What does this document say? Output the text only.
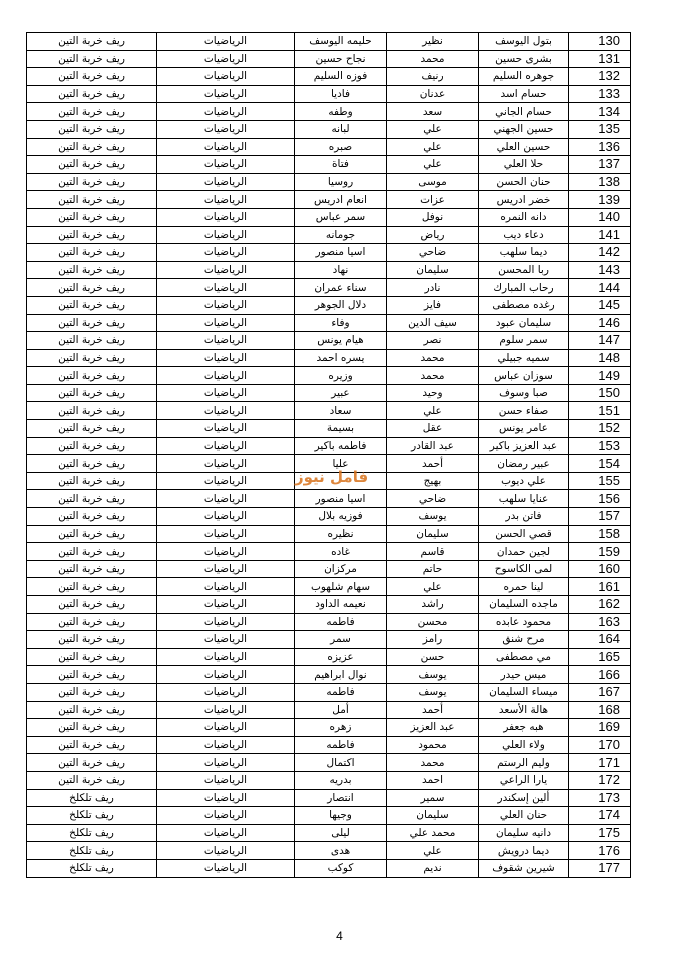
130	بتول اليوسف	نظير	حليمه اليوسف	الرياضيات	ريف خربة التين
131	بشرى حسين	محمد	نجاح حسين	الرياضيات	ريف خربة التين
132	جوهره السليم	رنيف	فوزه السليم	الرياضيات	ريف خربة التين
133	حسام اسد	عدنان	فاديا	الرياضيات	ريف خربة التين
134	حسام الجاني	سعد	وطفه	الرياضيات	ريف خربة التين
135	حسين الجهني	علي	لبانه	الرياضيات	ريف خربة التين
136	حسين العلي	علي	صبره	الرياضيات	ريف خربة التين
137	حلا العلي	علي	فتاة	الرياضيات	ريف خربة التين
138	حنان الحسن	موسى	روسيا	الرياضيات	ريف خربة التين
139	خضر ادريس	عزات	انعام ادريس	الرياضيات	ريف خربة التين
140	دانه النمره	نوفل	سمر عباس	الرياضيات	ريف خربة التين
141	دعاء ديب	رياض	جومانه	الرياضيات	ريف خربة التين
142	ديما سلهب	ضاحي	اسيا منصور	الرياضيات	ريف خربة التين
143	ربا المحسن	سليمان	نهاد	الرياضيات	ريف خربة التين
144	رحاب المبارك	نادر	سناء عمران	الرياضيات	ريف خربة التين
145	رغده مصطفى	فايز	دلال الجوهر	الرياضيات	ريف خربة التين
146	سليمان عبود	سيف الدين	وفاء	الرياضيات	ريف خربة التين
147	سمر سلوم	نصر	هيام يونس	الرياضيات	ريف خربة التين
148	سميه جبيلي	محمد	يسره احمد	الرياضيات	ريف خربة التين
149	سوزان عباس	محمد	وزيره	الرياضيات	ريف خربة التين
150	صبا وسوف	وحيد	عبير	الرياضيات	ريف خربة التين
151	صفاء حسن	علي	سعاد	الرياضيات	ريف خربة التين
152	عامر يونس	عقل	بسيمة	الرياضيات	ريف خربة التين
153	عبد العزيز باكير	عبد القادر	فاطمه باكير	الرياضيات	ريف خربة التين
154	عبير رمضان	أحمد	عليا	الرياضيات	ريف خربة التين
155	علي ديوب	بهيج		الرياضيات	ريف خربة التين
156	عنايا سلهب	ضاحي	اسيا منصور	الرياضيات	ريف خربة التين
157	فاتن بدر	يوسف	فوزيه بلال	الرياضيات	ريف خربة التين
158	قصي الحسن	سليمان	نظيره	الرياضيات	ريف خربة التين
159	لجين حمدان	قاسم	غاده	الرياضيات	ريف خربة التين
160	لمى الكاسوح	حاتم	مركزان	الرياضيات	ريف خربة التين
161	لينا حمره	علي	سهام شلهوب	الرياضيات	ريف خربة التين
162	ماجده السليمان	راشد	نعيمه الداود	الرياضيات	ريف خربة التين
163	محمود عابده	محسن	فاطمه	الرياضيات	ريف خربة التين
164	مرح شنق	رامز	سمر	الرياضيات	ريف خربة التين
165	مي مصطفى	حسن	عزيزه	الرياضيات	ريف خربة التين
166	ميس حيدر	يوسف	نوال ابراهيم	الرياضيات	ريف خربة التين
167	ميساء السليمان	يوسف	فاطمه	الرياضيات	ريف خربة التين
168	هالة الأسعد	أحمد	أمل	الرياضيات	ريف خربة التين
169	هبه جعفر	عبد العزيز	زهره	الرياضيات	ريف خربة التين
170	ولاء العلي	محمود	فاطمه	الرياضيات	ريف خربة التين
171	وليم الرستم	محمد	اكتمال	الرياضيات	ريف خربة التين
172	يارا الراعي	احمد	بدريه	الرياضيات	ريف خربة التين
173	ألين إسكندر	سمير	انتصار	الرياضيات	ريف تلكلخ
174	حنان العلي	سليمان	وجيها	الرياضيات	ريف تلكلخ
175	دانيه سليمان	محمد علي	ليلى	الرياضيات	ريف تلكلخ
176	ديما درويش	علي	هدى	الرياضيات	ريف تلكلخ
177	شيرين شقوف	نديم	كوكب	الرياضيات	ريف تلكلخ
فامل نيوز
4
